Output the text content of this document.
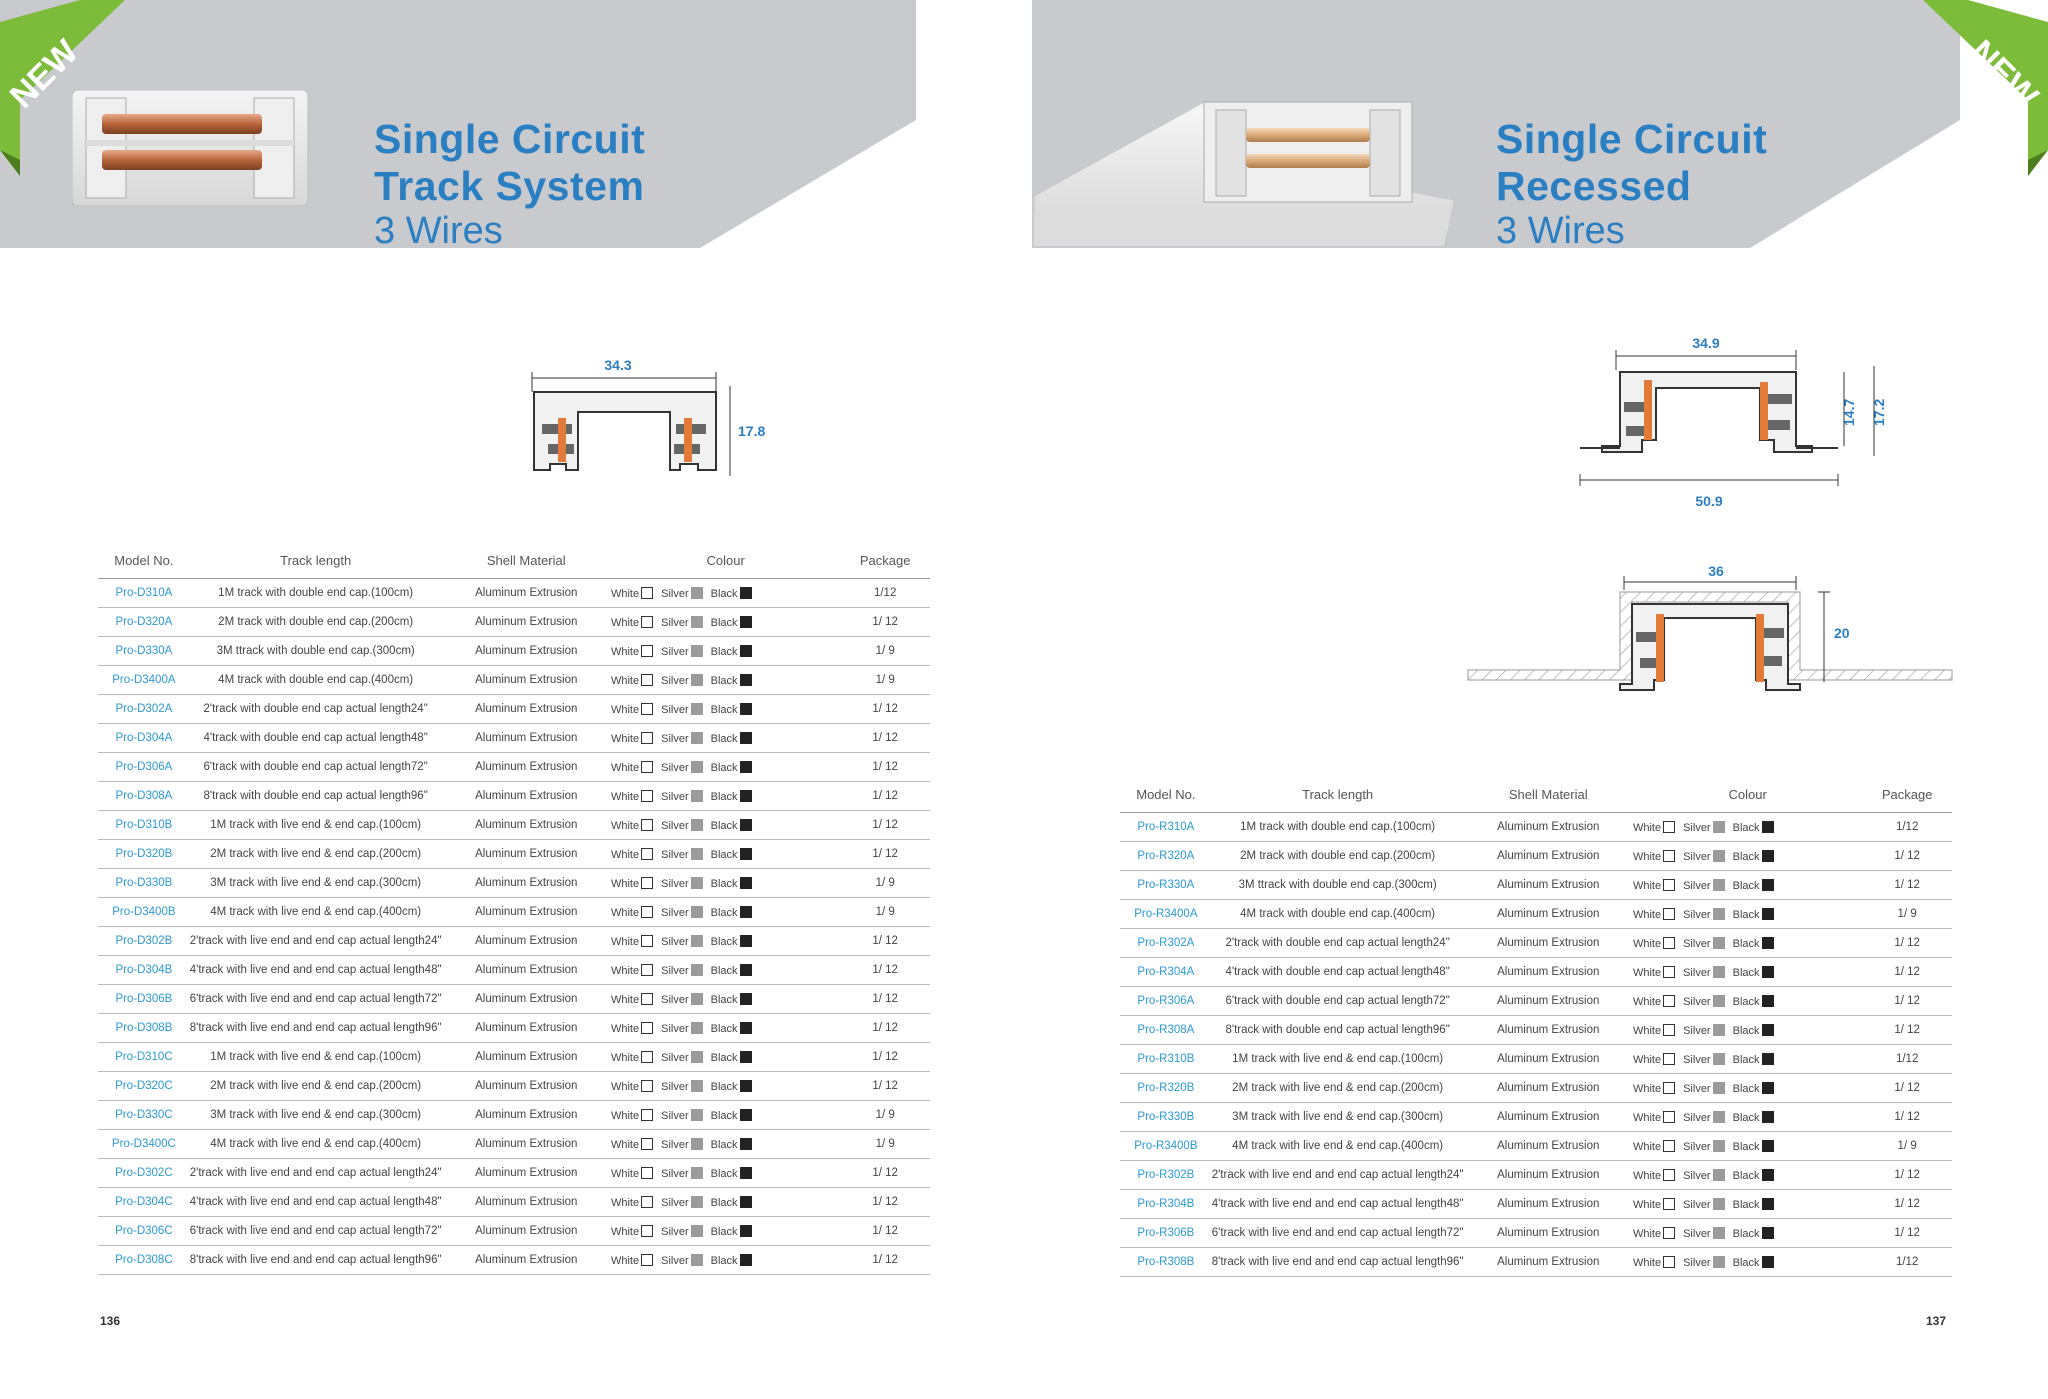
Single Circuit
Track System
3 Wires
NEW
34.3
17.8
Model No.	Track length	Shell Material	Colour	Package
Pro-D310A	1M track with double end cap.(100cm)	Aluminum Extrusion	White Silver Black	1/12
Pro-D320A	2M track with double end cap.(200cm)	Aluminum Extrusion	White Silver Black	1/ 12
Pro-D330A	3M ttrack with double end cap.(300cm)	Aluminum Extrusion	White Silver Black	1/ 9
Pro-D3400A	4M track with double end cap.(400cm)	Aluminum Extrusion	White Silver Black	1/ 9
Pro-D302A	2'track with double end cap actual length24"	Aluminum Extrusion	White Silver Black	1/ 12
Pro-D304A	4'track with double end cap actual length48"	Aluminum Extrusion	White Silver Black	1/ 12
Pro-D306A	6'track with double end cap actual length72"	Aluminum Extrusion	White Silver Black	1/ 12
Pro-D308A	8'track with double end cap actual length96"	Aluminum Extrusion	White Silver Black	1/ 12
Pro-D310B	1M track with live end & end cap.(100cm)	Aluminum Extrusion	White Silver Black	1/ 12
Pro-D320B	2M track with live end & end cap.(200cm)	Aluminum Extrusion	White Silver Black	1/ 12
Pro-D330B	3M track with live end & end cap.(300cm)	Aluminum Extrusion	White Silver Black	1/ 9
Pro-D3400B	4M track with live end & end cap.(400cm)	Aluminum Extrusion	White Silver Black	1/ 9
Pro-D302B	2'track with live end and end cap actual length24"	Aluminum Extrusion	White Silver Black	1/ 12
Pro-D304B	4'track with live end and end cap actual length48"	Aluminum Extrusion	White Silver Black	1/ 12
Pro-D306B	6'track with live end and end cap actual length72"	Aluminum Extrusion	White Silver Black	1/ 12
Pro-D308B	8'track with live end and end cap actual length96"	Aluminum Extrusion	White Silver Black	1/ 12
Pro-D310C	1M track with live end & end cap.(100cm)	Aluminum Extrusion	White Silver Black	1/ 12
Pro-D320C	2M track with live end & end cap.(200cm)	Aluminum Extrusion	White Silver Black	1/ 12
Pro-D330C	3M track with live end & end cap.(300cm)	Aluminum Extrusion	White Silver Black	1/ 9
Pro-D3400C	4M track with live end & end cap.(400cm)	Aluminum Extrusion	White Silver Black	1/ 9
Pro-D302C	2'track with live end and end cap actual length24"	Aluminum Extrusion	White Silver Black	1/ 12
Pro-D304C	4'track with live end and end cap actual length48"	Aluminum Extrusion	White Silver Black	1/ 12
Pro-D306C	6'track with live end and end cap actual length72"	Aluminum Extrusion	White Silver Black	1/ 12
Pro-D308C	8'track with live end and end cap actual length96"	Aluminum Extrusion	White Silver Black	1/ 12
136
Single Circuit
Recessed
3 Wires
NEW
34.9
50.9
14.7 17.2
36
20
Model No.	Track length	Shell Material	Colour	Package
Pro-R310A	1M track with double end cap.(100cm)	Aluminum Extrusion	White Silver Black	1/12
Pro-R320A	2M track with double end cap.(200cm)	Aluminum Extrusion	White Silver Black	1/ 12
Pro-R330A	3M ttrack with double end cap.(300cm)	Aluminum Extrusion	White Silver Black	1/ 12
Pro-R3400A	4M track with double end cap.(400cm)	Aluminum Extrusion	White Silver Black	1/ 9
Pro-R302A	2'track with double end cap actual length24"	Aluminum Extrusion	White Silver Black	1/ 12
Pro-R304A	4'track with double end cap actual length48"	Aluminum Extrusion	White Silver Black	1/ 12
Pro-R306A	6'track with double end cap actual length72"	Aluminum Extrusion	White Silver Black	1/ 12
Pro-R308A	8'track with double end cap actual length96"	Aluminum Extrusion	White Silver Black	1/ 12
Pro-R310B	1M track with live end & end cap.(100cm)	Aluminum Extrusion	White Silver Black	1/12
Pro-R320B	2M track with live end & end cap.(200cm)	Aluminum Extrusion	White Silver Black	1/ 12
Pro-R330B	3M track with live end & end cap.(300cm)	Aluminum Extrusion	White Silver Black	1/ 12
Pro-R3400B	4M track with live end & end cap.(400cm)	Aluminum Extrusion	White Silver Black	1/ 9
Pro-R302B	2'track with live end and end cap actual length24"	Aluminum Extrusion	White Silver Black	1/ 12
Pro-R304B	4'track with live end and end cap actual length48"	Aluminum Extrusion	White Silver Black	1/ 12
Pro-R306B	6'track with live end and end cap actual length72"	Aluminum Extrusion	White Silver Black	1/ 12
Pro-R308B	8'track with live end and end cap actual length96"	Aluminum Extrusion	White Silver Black	1/12
137
